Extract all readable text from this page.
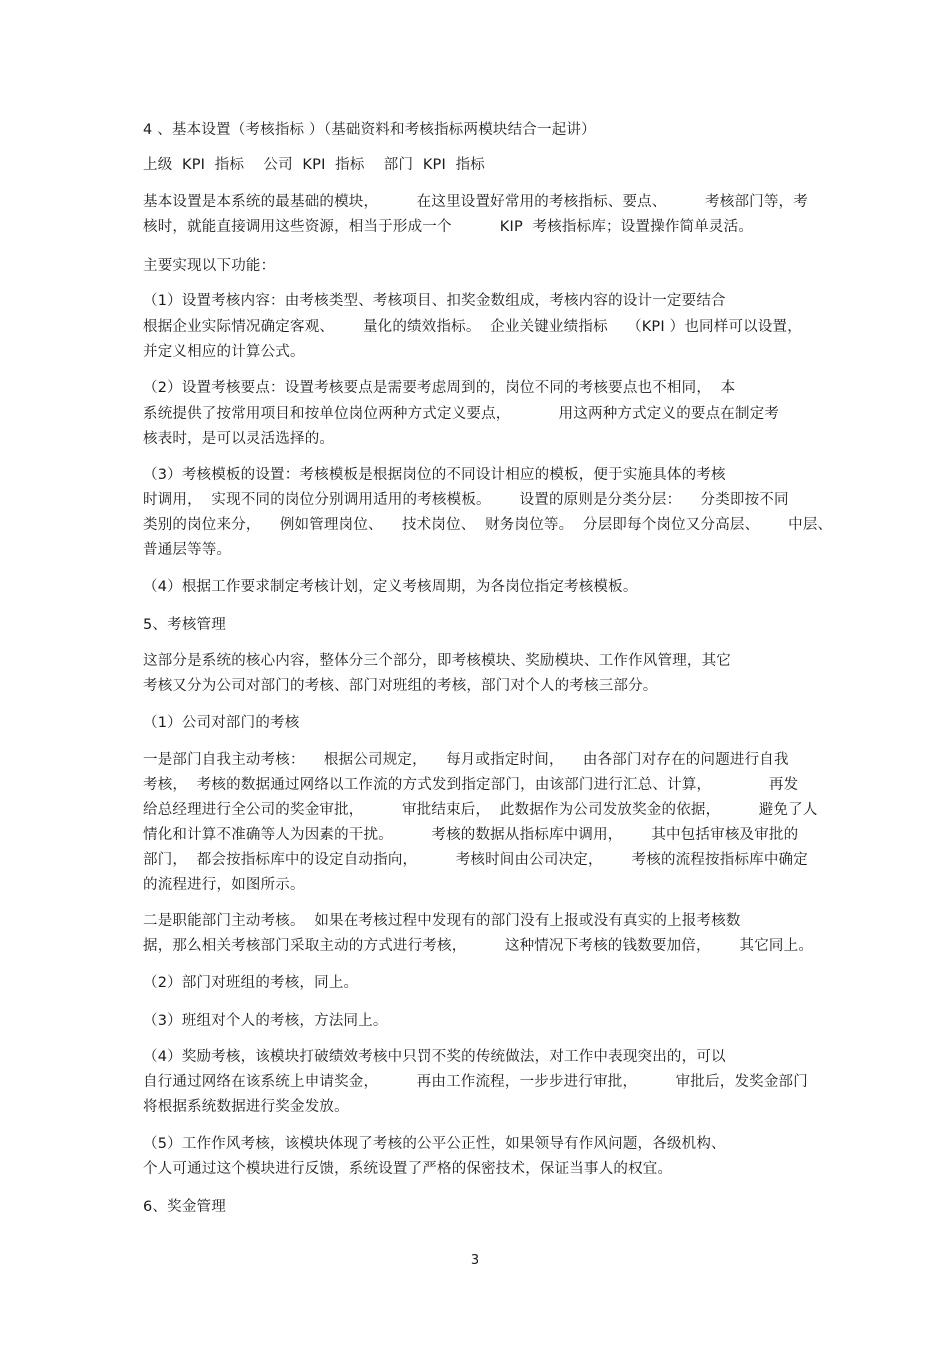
4 、基本设置（考核指标 ）（基础资料和考核指标两模块结合一起讲）
上级  KPI  指标    公司  KPI  指标    部门  KPI  指标
基本设置是本系统的最基础的模块，        在这里设置好常用的考核指标、要点、        考核部门等，考
核时，就能直接调用这些资源，相当于形成一个          KIP  考核指标库；设置操作简单灵活。
主要实现以下功能：
（1）设置考核内容：由考核类型、考核项目、扣奖金数组成，考核内容的设计一定要结合
根据企业实际情况确定客观、      量化的绩效指标。  企业关键业绩指标    （KPI ）也同样可以设置，
并定义相应的计算公式。
（2）设置考核要点：设置考核要点是需要考虑周到的，岗位不同的考核要点也不相同，  本
系统提供了按常用项目和按单位岗位两种方式定义要点，          用这两种方式定义的要点在制定考
核表时，是可以灵活选择的。
（3）考核模板的设置：考核模板是根据岗位的不同设计相应的模板，便于实施具体的考核
时调用，  实现不同的岗位分别调用适用的考核模板。      设置的原则是分类分层：    分类即按不同
类别的岗位来分，    例如管理岗位、    技术岗位、  财务岗位等。  分层即每个岗位又分高层、      中层、
普通层等等。
（4）根据工作要求制定考核计划，定义考核周期，为各岗位指定考核模板。
5、考核管理
这部分是系统的核心内容，整体分三个部分，即考核模块、奖励模块、工作作风管理，其它
考核又分为公司对部门的考核、部门对班组的考核，部门对个人的考核三部分。
（1）公司对部门的考核
一是部门自我主动考核：    根据公司规定，    每月或指定时间，    由各部门对存在的问题进行自我
考核，  考核的数据通过网络以工作流的方式发到指定部门，由该部门进行汇总、计算，            再发
给总经理进行全公司的奖金审批，        审批结束后，  此数据作为公司发放奖金的依据，        避免了人
情化和计算不准确等人为因素的干扰。        考核的数据从指标库中调用，      其中包括审核及审批的
部门，  都会按指标库中的设定自动指向，        考核时间由公司决定，      考核的流程按指标库中确定
的流程进行，如图所示。
二是职能部门主动考核。  如果在考核过程中发现有的部门没有上报或没有真实的上报考核数
据，那么相关考核部门采取主动的方式进行考核，        这种情况下考核的钱数要加倍，      其它同上。
（2）部门对班组的考核，同上。
（3）班组对个人的考核，方法同上。
（4）奖励考核，该模块打破绩效考核中只罚不奖的传统做法，对工作中表现突出的，可以
自行通过网络在该系统上申请奖金，        再由工作流程，一步步进行审批，        审批后，发奖金部门
将根据系统数据进行奖金发放。
（5）工作作风考核，该模块体现了考核的公平公正性，如果领导有作风问题，各级机构、
个人可通过这个模块进行反馈，系统设置了严格的保密技术，保证当事人的权宜。
6、奖金管理
3
